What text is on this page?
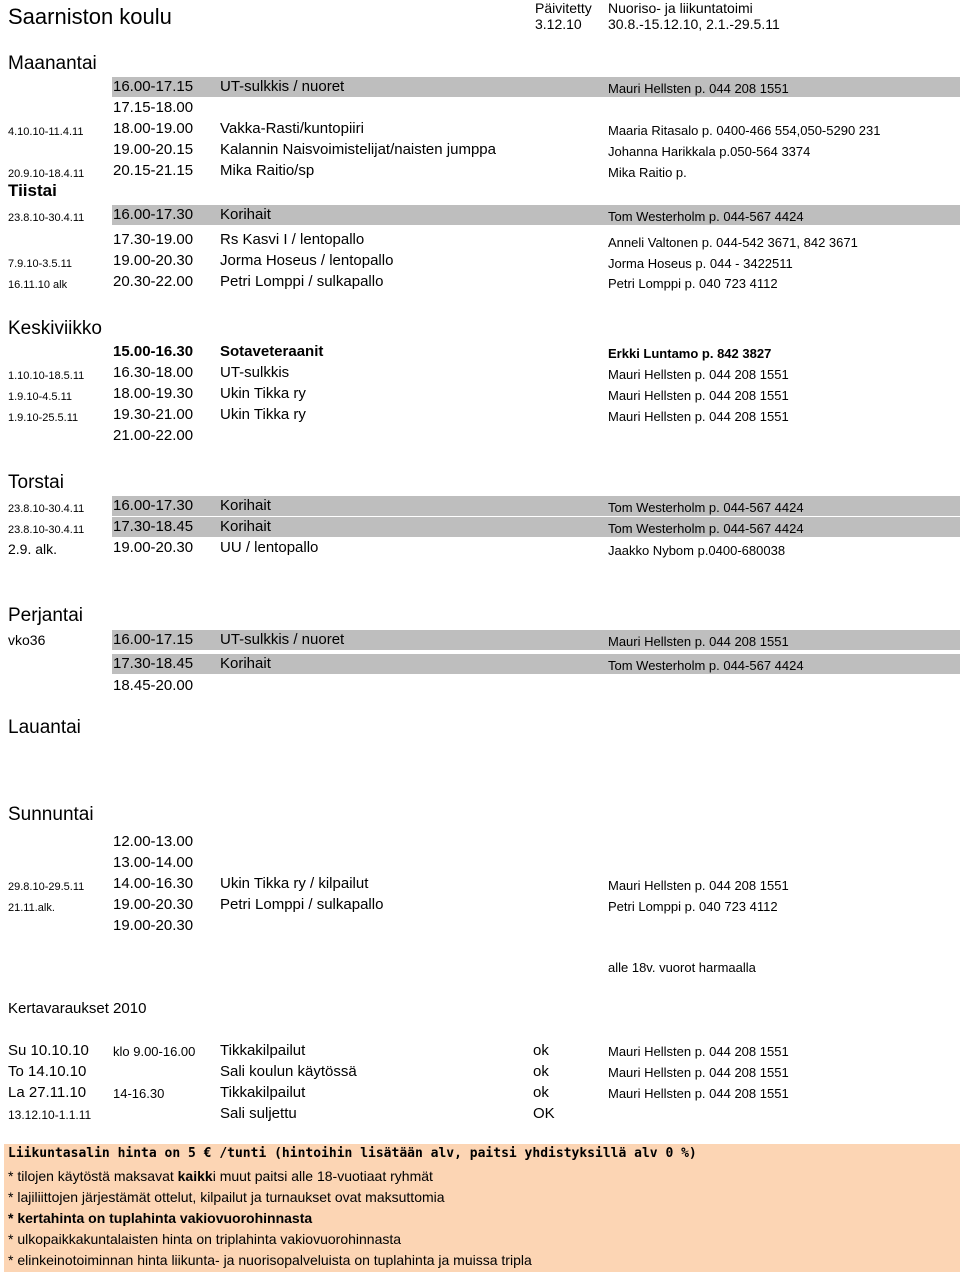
Saarniston koulu	Päivitetty
3.12.10
Nuoriso- ja liikuntatoimi
30.8.-15.12.10, 2.1.-29.5.11
Maanantai
16.00-17.15 UT-sulkkis / nuoret	Mauri Hellsten p. 044 208 1551
17.15-18.00
4.10.10-11.4.11 18.00-19.00 Vakka-Rasti/kuntopiiri	Maaria Ritasalo p. 0400-466 554,050-5290 231
19.00-20.15 Kalannin Naisvoimistelijat/naisten jumppa	Johanna Harikkala p.050-564 3374
20.9.10-18.4.11 20.15-21.15 Mika Raitio/sp	Mika Raitio p.
Tiistai
23.8.10-30.4.11 16.00-17.30 Korihait	Tom Westerholm p. 044-567 4424
17.30-19.00 Rs Kasvi I / lentopallo	Anneli Valtonen p. 044-542 3671, 842 3671
7.9.10-3.5.11	19.00-20.30 Jorma Hoseus / lentopallo	Jorma Hoseus p. 044 - 3422511
16.11.10 alk	20.30-22.00 Petri Lomppi / sulkapallo	Petri Lomppi p. 040 723 4112
Keskiviikko
15.00-16.30 Sotaveteraanit	Erkki Luntamo p. 842 3827
1.10.10-18.5.11 16.30-18.00 UT-sulkkis	Mauri Hellsten p. 044 208 1551
1.9.10-4.5.11	18.00-19.30 Ukin Tikka ry	Mauri Hellsten p. 044 208 1551
1.9.10-25.5.11 19.30-21.00 Ukin Tikka ry	Mauri Hellsten p. 044 208 1551
21.00-22.00
Torstai
23.8.10-30.4.11 16.00-17.30 Korihait	Tom Westerholm p. 044-567 4424
23.8.10-30.4.11 17.30-18.45 Korihait	Tom Westerholm p. 044-567 4424
2.9. alk.	19.00-20.30 UU / lentopallo	Jaakko Nybom p.0400-680038
Perjantai
vko36	16.00-17.15 UT-sulkkis / nuoret	Mauri Hellsten p. 044 208 1551
17.30-18.45 Korihait	Tom Westerholm p. 044-567 4424
18.45-20.00
Lauantai
Sunnuntai
12.00-13.00
13.00-14.00
29.8.10-29.5.11 14.00-16.30 Ukin Tikka ry / kilpailut	Mauri Hellsten p. 044 208 1551
21.11.alk.	19.00-20.30 Petri Lomppi / sulkapallo	Petri Lomppi p. 040 723 4112
19.00-20.30
alle 18v. vuorot harmaalla
Kertavaraukset 2010
Su 10.10.10 klo 9.00-16.00 Tikkakilpailut	ok	Mauri Hellsten p. 044 208 1551
To 14.10.10	Sali koulun käytössä	ok	Mauri Hellsten p. 044 208 1551
La 27.11.10 14-16.30	Tikkakilpailut	ok	Mauri Hellsten p. 044 208 1551
13.12.10-1.1.11	Sali suljettu	OK
Liikuntasalin hinta on 5 € /tunti (hintoihin lisätään alv, paitsi yhdistyksillä alv 0 %)
* tilojen käytöstä maksavat kaikki muut paitsi alle 18-vuotiaat ryhmät
* lajiliittojen järjestämät ottelut, kilpailut ja turnaukset ovat maksuttomia
* kertahinta on tuplahinta vakiovuorohinnasta
* ulkopaikkakuntalaisten hinta on triplahinta vakiovuorohinnasta
* elinkeinotoiminnan hinta liikunta- ja nuorisopalveluista on tuplahinta ja muissa tripla
